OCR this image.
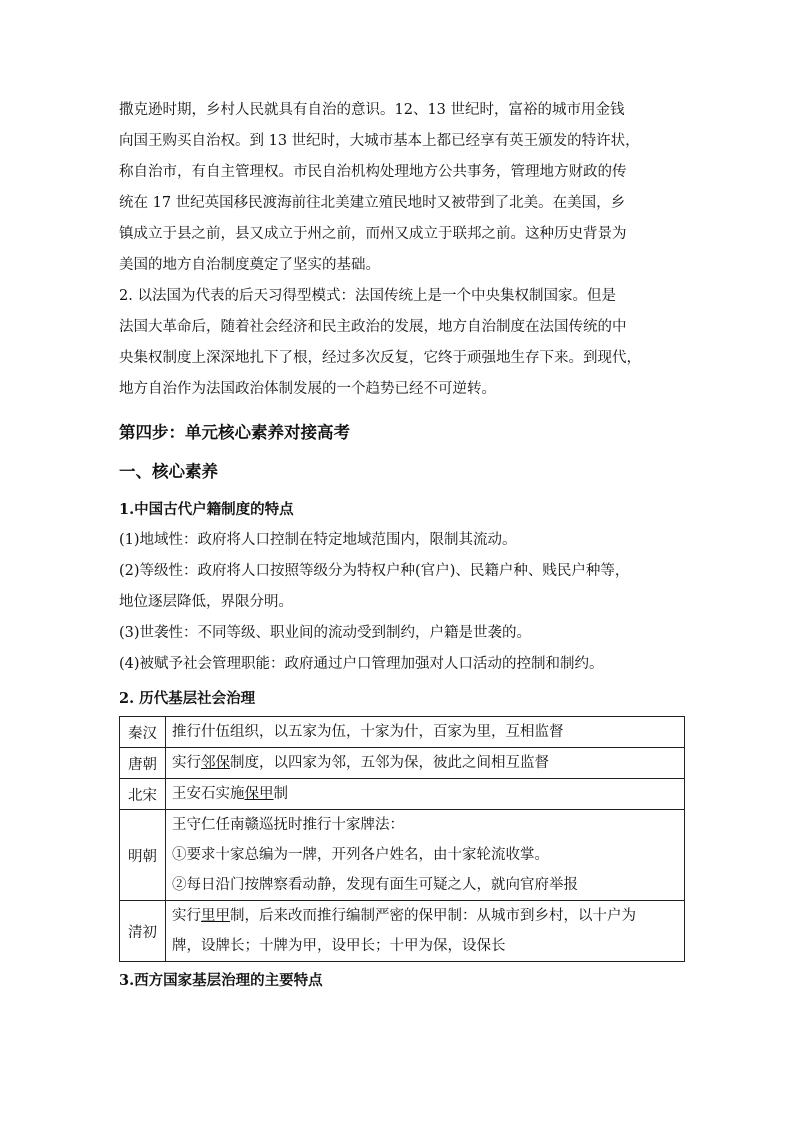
撒克逊时期，乡村人民就具有自治的意识。12、13 世纪时，富裕的城市用金钱
向国王购买自治权。到 13 世纪时，大城市基本上都已经享有英王颁发的特许状，
称自治市，有自主管理权。市民自治机构处理地方公共事务，管理地方财政的传
统在 17 世纪英国移民渡海前往北美建立殖民地时又被带到了北美。在美国，乡
镇成立于县之前，县又成立于州之前，而州又成立于联邦之前。这种历史背景为
美国的地方自治制度奠定了坚实的基础。

2. 以法国为代表的后天习得型模式：法国传统上是一个中央集权制国家。但是
法国大革命后，随着社会经济和民主政治的发展，地方自治制度在法国传统的中
央集权制度上深深地扎下了根，经过多次反复，它终于顽强地生存下来。到现代，
地方自治作为法国政治体制发展的一个趋势已经不可逆转。

第四步：单元核心素养对接高考
一、核心素养
1.中国古代户籍制度的特点

(1)地域性：政府将人口控制在特定地域范围内，限制其流动。
(2)等级性：政府将人口按照等级分为特权户种(官户)、民籍户种、贱民户种等，
地位逐层降低，界限分明。
(3)世袭性：不同等级、职业间的流动受到制约，户籍是世袭的。
(4)被赋予社会管理职能：政府通过户口管理加强对人口活动的控制和制约。

2. 历代基层社会治理
秦汉	推行什伍组织，以五家为伍，十家为什，百家为里，互相监督

唐朝	实行邻保制度，以四家为邻，五邻为保，彼此之间相互监督

北宋	王安石实施保甲制

明朝	王守仁任南赣巡抚时推行十家牌法：
①要求十家总编为一牌，开列各户姓名，由十家轮流收掌。
②每日沿门按牌察看动静，发现有面生可疑之人，就向官府举报

清初	实行里甲制，后来改而推行编制严密的保甲制：从城市到乡村，以十户为
牌，设牌长；十牌为甲，设甲长；十甲为保，设保长
3.西方国家基层治理的主要特点
